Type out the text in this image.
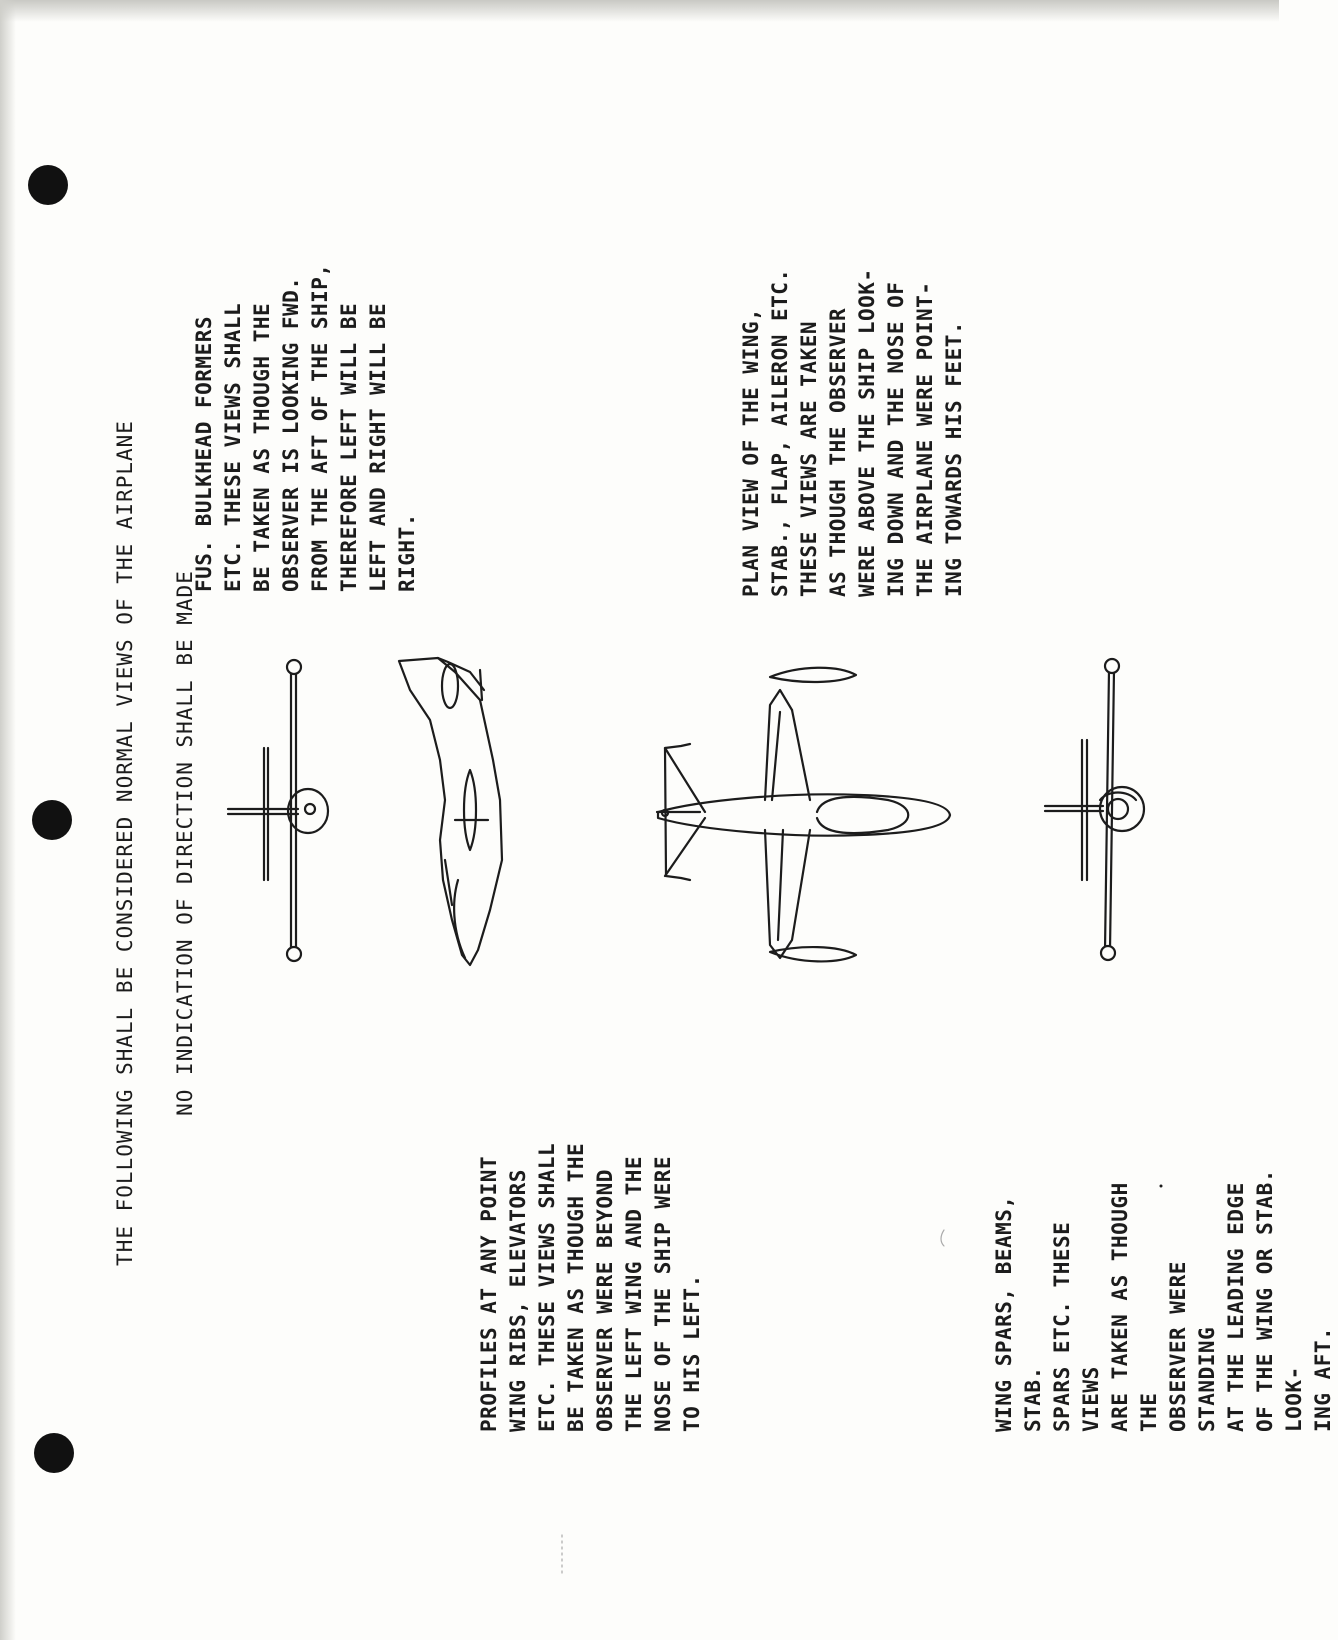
THE FOLLOWING SHALL BE CONSIDERED NORMAL VIEWS OF THE AIRPLANE NO INDICATION OF DIRECTION SHALL BE MADE

FUS. BULKHEAD FORMERS
ETC. THESE VIEWS SHALL
BE TAKEN AS THOUGH THE
OBSERVER IS LOOKING FWD.
FROM THE AFT OF THE SHIP,
THEREFORE LEFT WILL BE
LEFT AND RIGHT WILL BE
RIGHT.
PROFILES AT ANY POINT
WING RIBS, ELEVATORS
ETC. THESE VIEWS SHALL
BE TAKEN AS THOUGH THE
OBSERVER WERE BEYOND
THE LEFT WING AND THE
NOSE OF THE SHIP WERE
TO HIS LEFT.
PLAN VIEW OF THE WING,
STAB., FLAP, AILERON ETC.
THESE VIEWS ARE TAKEN
AS THOUGH THE OBSERVER
WERE ABOVE THE SHIP LOOK-
ING DOWN AND THE NOSE OF
THE AIRPLANE WERE POINT-
ING TOWARDS HIS FEET.
WING SPARS, BEAMS, STAB.
SPARS ETC. THESE VIEWS
ARE TAKEN AS THOUGH THE
OBSERVER WERE STANDING
AT THE LEADING EDGE
OF THE WING OR STAB. LOOK-
ING AFT.
